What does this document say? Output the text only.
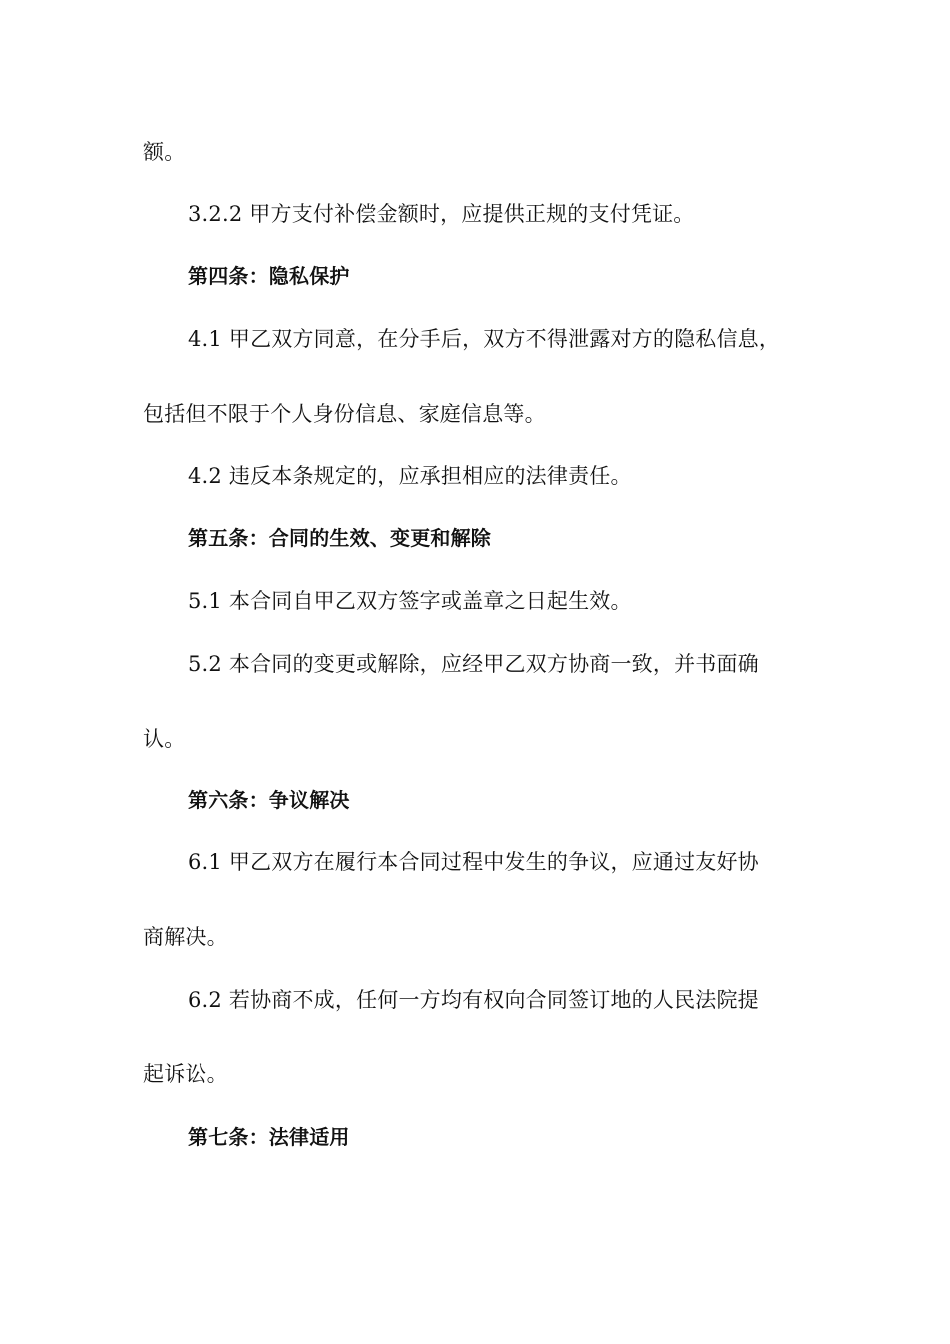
额。
3.2.2 甲方支付补偿金额时，应提供正规的支付凭证。
第四条：隐私保护
4.1 甲乙双方同意，在分手后，双方不得泄露对方的隐私信息，
包括但不限于个人身份信息、家庭信息等。
4.2 违反本条规定的，应承担相应的法律责任。
第五条：合同的生效、变更和解除
5.1 本合同自甲乙双方签字或盖章之日起生效。
5.2 本合同的变更或解除，应经甲乙双方协商一致，并书面确
认。
第六条：争议解决
6.1 甲乙双方在履行本合同过程中发生的争议，应通过友好协
商解决。
6.2 若协商不成，任何一方均有权向合同签订地的人民法院提
起诉讼。
第七条：法律适用
